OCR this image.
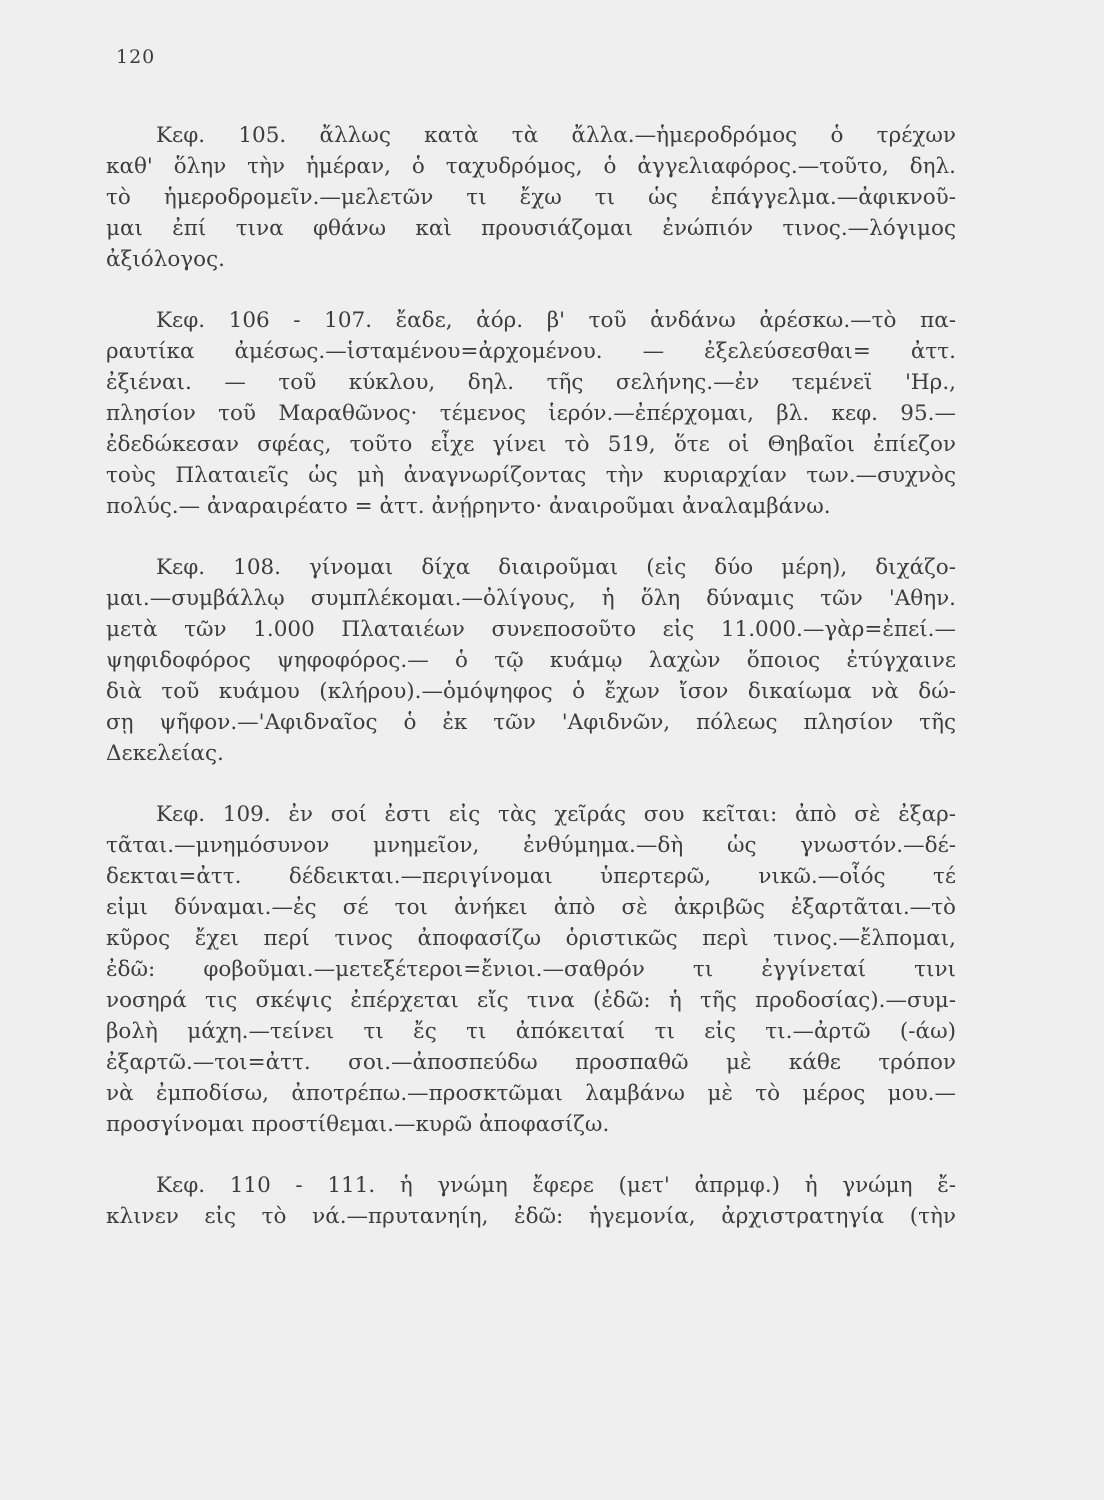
120
Κεφ. 105. ἄλλως κατὰ τὰ ἄλλα.—ἡμεροδρόμος ὁ τρέχων
καθ' ὅλην τὴν ἡμέραν, ὁ ταχυδρόμος, ὁ ἀγγελιαφόρος.—τοῦτο, δηλ.
τὸ ἡμεροδρομεῖν.—μελετῶν τι ἔχω τι ὡς ἐπάγγελμα.—ἀφικνοῦ-
μαι ἐπί τινα φθάνω καὶ προυσιάζομαι ἐνώπιόν τινος.—λόγιμος
ἀξιόλογος.
Κεφ. 106 - 107. ἔαδε, ἀόρ. β' τοῦ ἁνδάνω ἀρέσκω.—τὸ πα-
ραυτίκα ἀμέσως.—ἱσταμένου=ἀρχομένου. — ἐξελεύσεσθαι= ἀττ.
ἐξιέναι. — τοῦ κύκλου, δηλ. τῆς σελήνης.—ἐν τεμένεϊ 'Ηρ.,
πλησίον τοῦ Μαραθῶνος· τέμενος ἱερόν.—ἐπέρχομαι, βλ. κεφ. 95.—
ἐδεδώκεσαν σφέας, τοῦτο εἶχε γίνει τὸ 519, ὅτε οἱ Θηβαῖοι ἐπίεζον
τοὺς Πλαταιεῖς ὡς μὴ ἀναγνωρίζοντας τὴν κυριαρχίαν των.—συχνὸς
πολύς.— ἀναραιρέατο = ἀττ. ἀνῄρηντο· ἀναιροῦμαι ἀναλαμβάνω.
Κεφ. 108. γίνομαι δίχα διαιροῦμαι (εἰς δύο μέρη), διχάζο-
μαι.—συμβάλλῳ συμπλέκομαι.—ὀλίγους, ἡ ὅλη δύναμις τῶν 'Αθην.
μετὰ τῶν 1.000 Πλαταιέων συνεποσοῦτο εἰς 11.000.—γὰρ=ἐπεί.—
ψηφιδοφόρος ψηφοφόρος.— ὁ τῷ κυάμῳ λαχὼν ὅποιος ἐτύγχαινε
διὰ τοῦ κυάμου (κλήρου).—ὁμόψηφος ὁ ἔχων ἴσον δικαίωμα νὰ δώ-
σῃ ψῆφον.—'Αφιδναῖος ὁ ἐκ τῶν 'Αφιδνῶν, πόλεως πλησίον τῆς
Δεκελείας.
Κεφ. 109. ἐν σοί ἐστι εἰς τὰς χεῖράς σου κεῖται: ἀπὸ σὲ ἐξαρ-
τᾶται.—μνημόσυνον μνημεῖον, ἐνθύμημα.—δὴ ὡς γνωστόν.—δέ-
δεκται=ἀττ. δέδεικται.—περιγίνομαι ὑπερτερῶ, νικῶ.—οἷός τέ
εἰμι δύναμαι.—ἐς σέ τοι ἀνήκει ἀπὸ σὲ ἀκριβῶς ἐξαρτᾶται.—τὸ
κῦρος ἔχει περί τινος ἀποφασίζω ὁριστικῶς περὶ τινος.—ἔλπομαι,
ἐδῶ: φοβοῦμαι.—μετεξέτεροι=ἔνιοι.—σαθρόν τι ἐγγίνεταί τινι
νοσηρά τις σκέψις ἐπέρχεται εἴς τινα (ἐδῶ: ἡ τῆς προδοσίας).—συμ-
βολὴ μάχη.—τείνει τι ἔς τι ἀπόκειταί τι εἰς τι.—ἀρτῶ (-άω)
ἐξαρτῶ.—τοι=ἀττ. σοι.—ἀποσπεύδω προσπαθῶ μὲ κάθε τρόπον
νὰ ἐμποδίσω, ἀποτρέπω.—προσκτῶμαι λαμβάνω μὲ τὸ μέρος μου.—
προσγίνομαι προστίθεμαι.—κυρῶ ἀποφασίζω.
Κεφ. 110 - 111. ἡ γνώμη ἔφερε (μετ' ἀπρμφ.) ἡ γνώμη ἔ-
κλινεν εἰς τὸ νά.—πρυτανηίη, ἐδῶ: ἡγεμονία, ἀρχιστρατηγία (τὴν
